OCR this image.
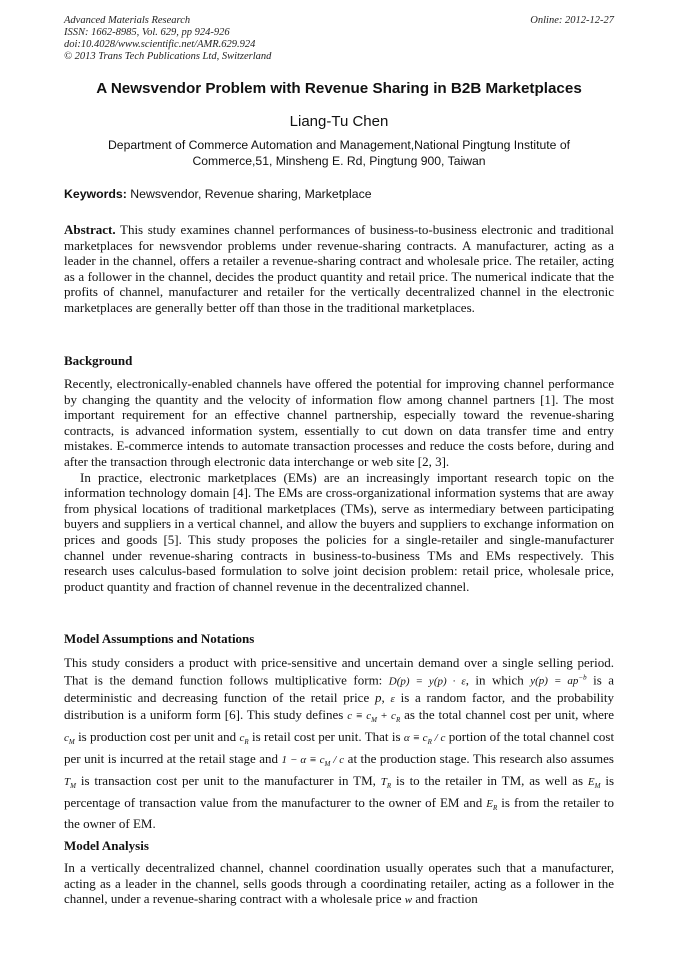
Advanced Materials Research
ISSN: 1662-8985, Vol. 629, pp 924-926
doi:10.4028/www.scientific.net/AMR.629.924
© 2013 Trans Tech Publications Ltd, Switzerland
Online: 2012-12-27
A Newsvendor Problem with Revenue Sharing in B2B Marketplaces
Liang-Tu Chen
Department of Commerce Automation and Management,National Pingtung Institute of Commerce,51, Minsheng E. Rd, Pingtung 900, Taiwan
Keywords: Newsvendor, Revenue sharing, Marketplace

Abstract. This study examines channel performances of business-to-business electronic and traditional marketplaces for newsvendor problems under revenue-sharing contracts. A manufacturer, acting as a leader in the channel, offers a retailer a revenue-sharing contract and wholesale price. The retailer, acting as a follower in the channel, decides the product quantity and retail price. The numerical indicate that the profits of channel, manufacturer and retailer for the vertically decentralized channel in the electronic marketplaces are generally better off than those in the traditional marketplaces.

Background

Recently, electronically-enabled channels have offered the potential for improving channel performance by changing the quantity and the velocity of information flow among channel partners [1]. The most important requirement for an effective channel partnership, especially toward the revenue-sharing contracts, is advanced information system, essentially to cut down on data transfer time and entry mistakes. E-commerce intends to automate transaction processes and reduce the costs before, during and after the transaction through electronic data interchange or web site [2, 3].

In practice, electronic marketplaces (EMs) are an increasingly important research topic on the information technology domain [4]. The EMs are cross-organizational information systems that are away from physical locations of traditional marketplaces (TMs), serve as intermediary between participating buyers and suppliers in a vertical channel, and allow the buyers and suppliers to exchange information on prices and goods [5]. This study proposes the policies for a single-retailer and single-manufacturer channel under revenue-sharing contracts in business-to-business TMs and EMs respectively. This research uses calculus-based formulation to solve joint decision problem: retail price, wholesale price, product quantity and fraction of channel revenue in the decentralized channel.

Model Assumptions and Notations

This study considers a product with price-sensitive and uncertain demand over a single selling period. That is the demand function follows multiplicative form: D(p) = y(p) · ε, in which $y(p) = ap^{-b}$ is a deterministic and decreasing function of the retail price p, ε is a random factor, and the probability distribution is a uniform form [6]. This study defines $c \equiv c_M + c_R$ as the total channel cost per unit, where $c_M$ is production cost per unit and $c_R$ is retail cost per unit. That is $\alpha \equiv c_R / c$ portion of the total channel cost per unit is incurred at the retail stage and $1 - \alpha \equiv c_M / c$ at the production stage. This research also assumes $T_M$ is transaction cost per unit to the manufacturer in TM, $T_R$ is to the retailer in TM, as well as $E_M$ is percentage of transaction value from the manufacturer to the owner of EM and $E_R$ is from the retailer to the owner of EM.

Model Analysis

In a vertically decentralized channel, channel coordination usually operates such that a manufacturer, acting as a leader in the channel, sells goods through a coordinating retailer, acting as a follower in the channel, under a revenue-sharing contract with a wholesale price w and fraction
